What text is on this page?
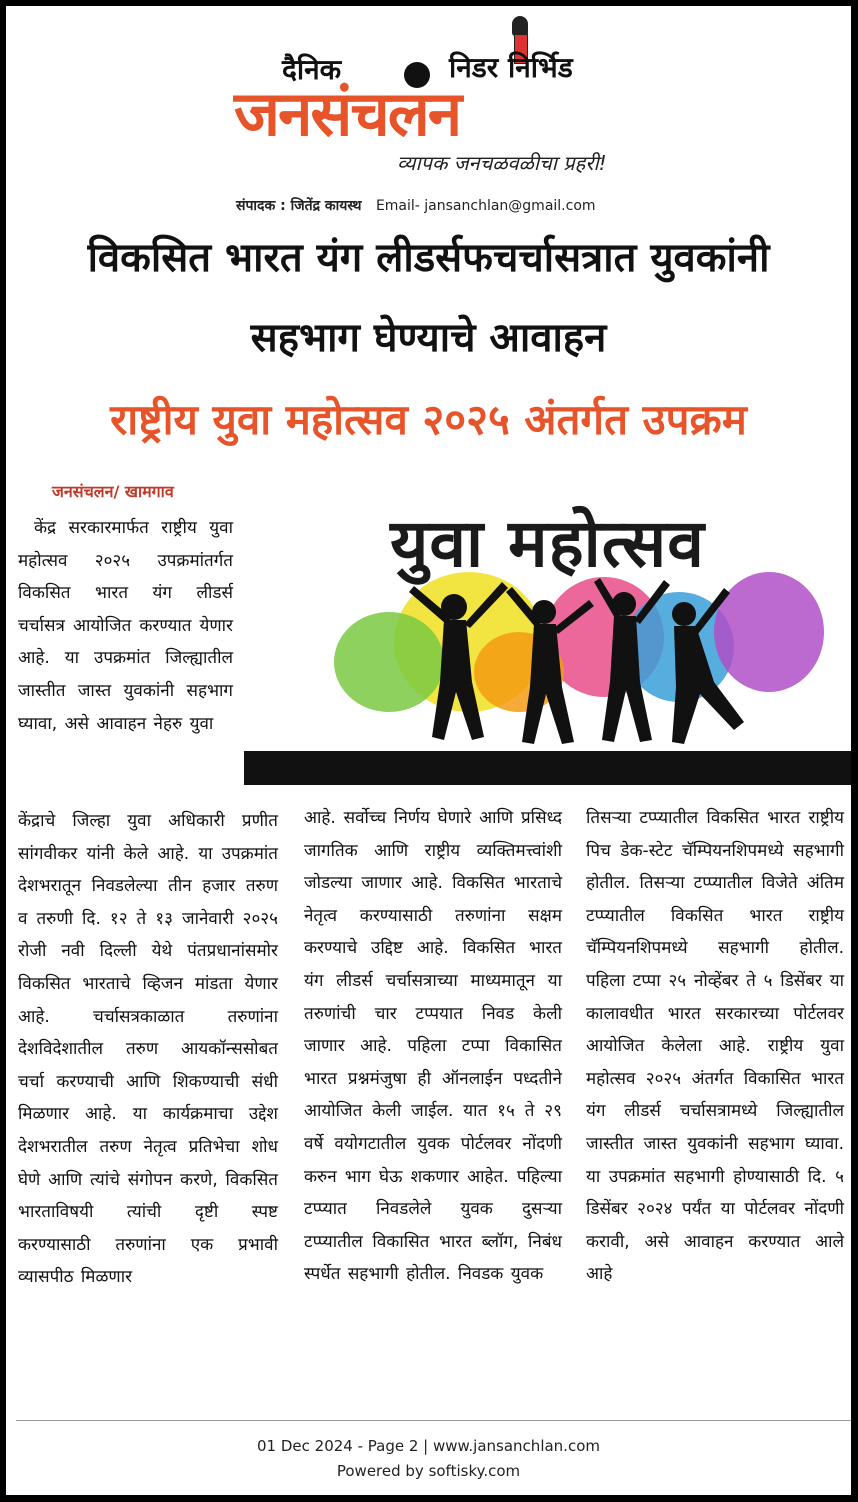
दैनिक	निडर निर्भिड
जनसंचलन
व्यापक जनचळवळीचा प्रहरी!
संपादक : जितेंद्र कायस्थ Email- jansanchlan@gmail.com
विकसित भारत यंग लीडर्सफचर्चासत्रात युवकांनी
सहभाग घेण्याचे आवाहन
राष्ट्रीय युवा महोत्सव २०२५ अंतर्गत उपक्रम
जनसंचलन/ खामगाव
युवा महोत्सव

केंद्र सरकारमार्फत राष्ट्रीय युवा महोत्सव २०२५ उपक्रमांतर्गत विकसित भारत यंग लीडर्स चर्चासत्र आयोजित करण्यात येणार आहे. या उपक्रमांत जिल्ह्यातील जास्तीत जास्त युवकांनी सहभाग घ्यावा, असे आवाहन नेहरु युवा

केंद्राचे जिल्हा युवा अधिकारी प्रणीत सांगवीकर यांनी केले आहे. या उपक्रमांत देशभरातून निवडलेल्या तीन हजार तरुण व तरुणी दि. १२ ते १३ जानेवारी २०२५ रोजी नवी दिल्ली येथे पंतप्रधानांसमोर विकसित भारताचे व्हिजन मांडता येणार आहे. चर्चासत्रकाळात तरुणांना देशविदेशातील तरुण आयकॉन्ससोबत चर्चा करण्याची आणि शिकण्याची संधी मिळणार आहे. या कार्यक्रमाचा उद्देश देशभरातील तरुण नेतृत्व प्रतिभेचा शोध घेणे आणि त्यांचे संगोपन करणे, विकसित भारताविषयी त्यांची दृष्टी स्पष्ट करण्यासाठी तरुणांना एक प्रभावी व्यासपीठ मिळणार

आहे. सर्वोच्च निर्णय घेणारे आणि प्रसिध्द जागतिक आणि राष्ट्रीय व्यक्तिमत्त्वांशी जोडल्या जाणार आहे. विकसित भारताचे नेतृत्व करण्यासाठी तरुणांना सक्षम करण्याचे उद्दिष्ट आहे. विकसित भारत यंग लीडर्स चर्चासत्राच्या माध्यमातून या तरुणांची चार टप्पयात निवड केली जाणार आहे. पहिला टप्पा विकासित भारत प्रश्नमंजुषा ही ऑनलाईन पध्दतीने आयोजित केली जाईल. यात १५ ते २९ वर्षे वयोगटातील युवक पोर्टलवर नोंदणी करुन भाग घेऊ शकणार आहेत. पहिल्या टप्प्यात निवडलेले युवक दुसऱ्या टप्प्यातील विकासित भारत ब्लॉग, निबंध स्पर्धेत सहभागी होतील. निवडक युवक

तिसऱ्या टप्प्यातील विकसित भारत राष्ट्रीय पिच डेक-स्टेट चॅम्पियनशिपमध्ये सहभागी होतील. तिसऱ्या टप्प्यातील विजेते अंतिम टप्प्यातील विकसित भारत राष्ट्रीय चॅम्पियनशिपमध्ये सहभागी होतील. पहिला टप्पा २५ नोव्हेंबर ते ५ डिसेंबर या कालावधीत भारत सरकारच्या पोर्टलवर आयोजित केलेला आहे. राष्ट्रीय युवा महोत्सव २०२५ अंतर्गत विकासित भारत यंग लीडर्स चर्चासत्रामध्ये जिल्ह्यातील जास्तीत जास्त युवकांनी सहभाग घ्यावा. या उपक्रमांत सहभागी होण्यासाठी दि. ५ डिसेंबर २०२४ पर्यंत या पोर्टलवर नोंदणी करावी, असे आवाहन करण्यात आले आहे

01 Dec 2024 - Page 2 | www.jansanchlan.com
Powered by softisky.com
